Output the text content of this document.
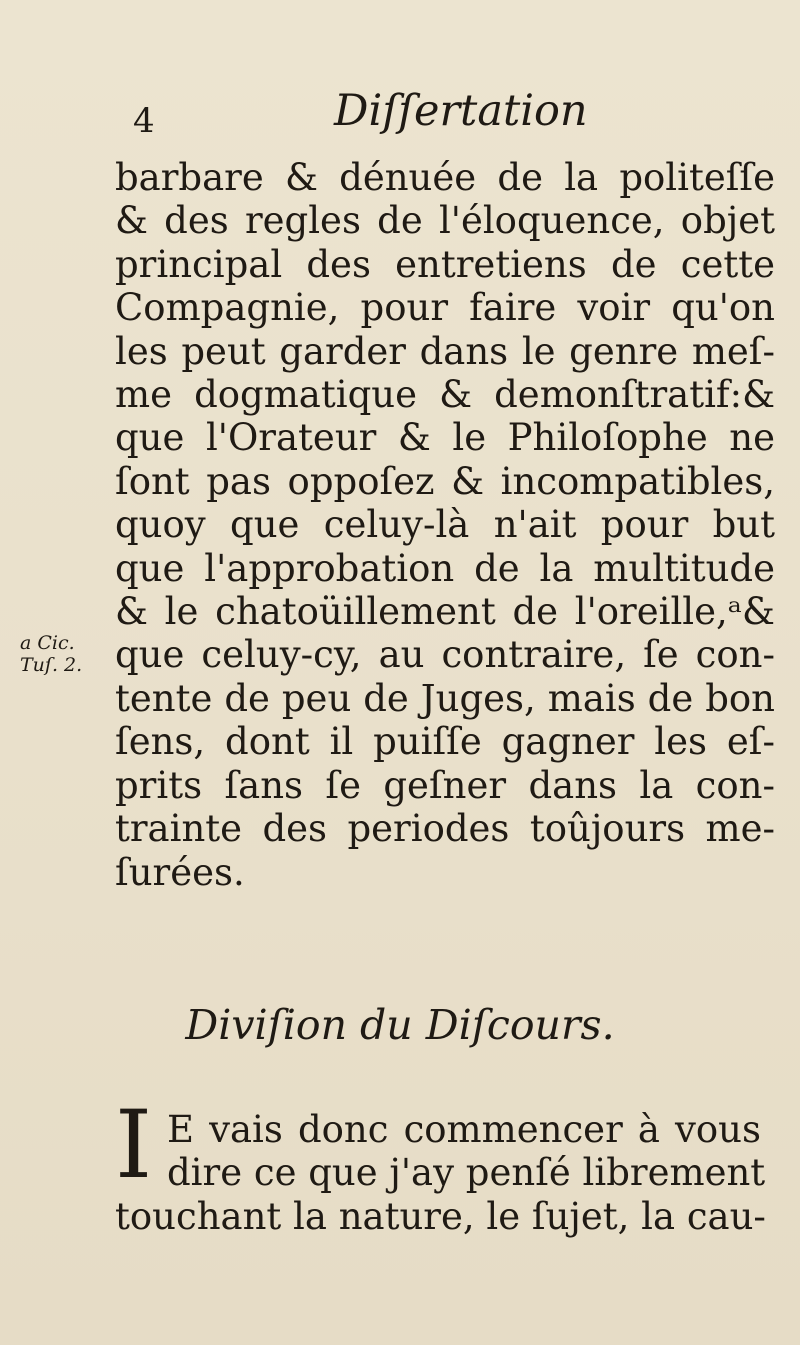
4	Diſſertation
barbare & dénuée de la politeſſe
& des regles de l'éloquence, objet
principal des entretiens de cette
Compagnie, pour faire voir qu'on
les peut garder dans le genre meſ-
me dogmatique & demonſtratif:&
que l'Orateur & le Philoſophe ne
ſont pas oppoſez & incompatibles,
quoy que celuy-là n'ait pour but
que l'approbation de la multitude
& le chatoüillement de l'oreille,ᵃ&
que celuy-cy, au contraire, ſe con-
tente de peu de Juges, mais de bon
ſens, dont il puiſſe gagner les eſ-
prits ſans ſe geſner dans la con-
trainte des periodes toûjours me-
ſurées.
a Cic.
Tuſ. 2.
Diviſion du Diſcours.
I E vais donc commencer à vous
dire ce que j'ay penſé librement
touchant la nature, le ſujet, la cau-
